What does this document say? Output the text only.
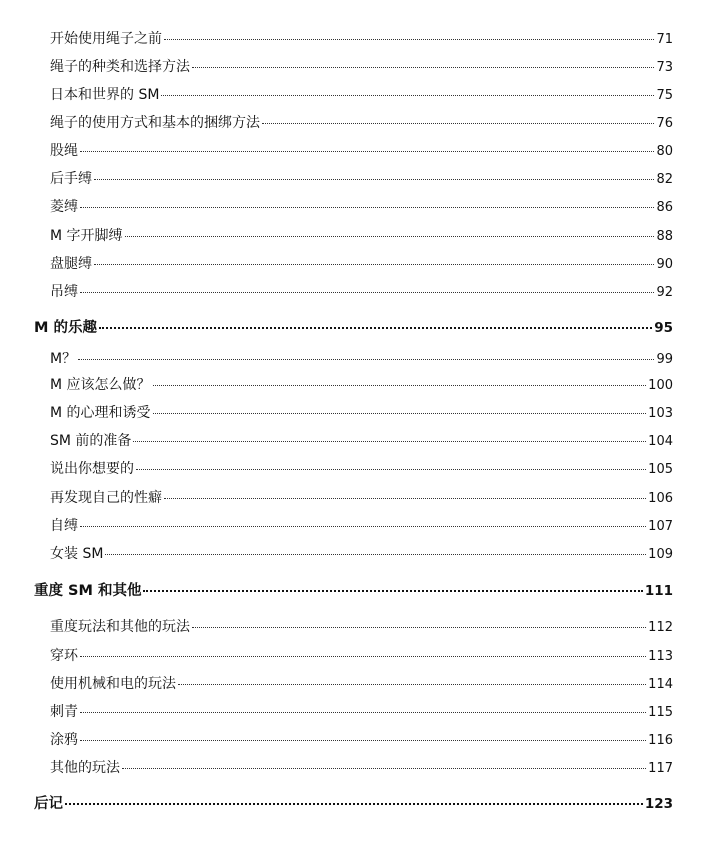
开始使用绳子之前	71
绳子的种类和选择方法	73
日本和世界的 SM	75
绳子的使用方式和基本的捆绑方法	76
股绳	80
后手缚	82
菱缚	86
M 字开脚缚	88
盘腿缚	90
吊缚	92
M 的乐趣	95
M？	99
M 应该怎么做？	100
M 的心理和诱受	103
SM 前的准备	104
说出你想要的	105
再发现自己的性癖	106
自缚	107
女装 SM	109
重度 SM 和其他	111
重度玩法和其他的玩法	112
穿环	113
使用机械和电的玩法	114
刺青	115
涂鸦	116
其他的玩法	117
后记	123
